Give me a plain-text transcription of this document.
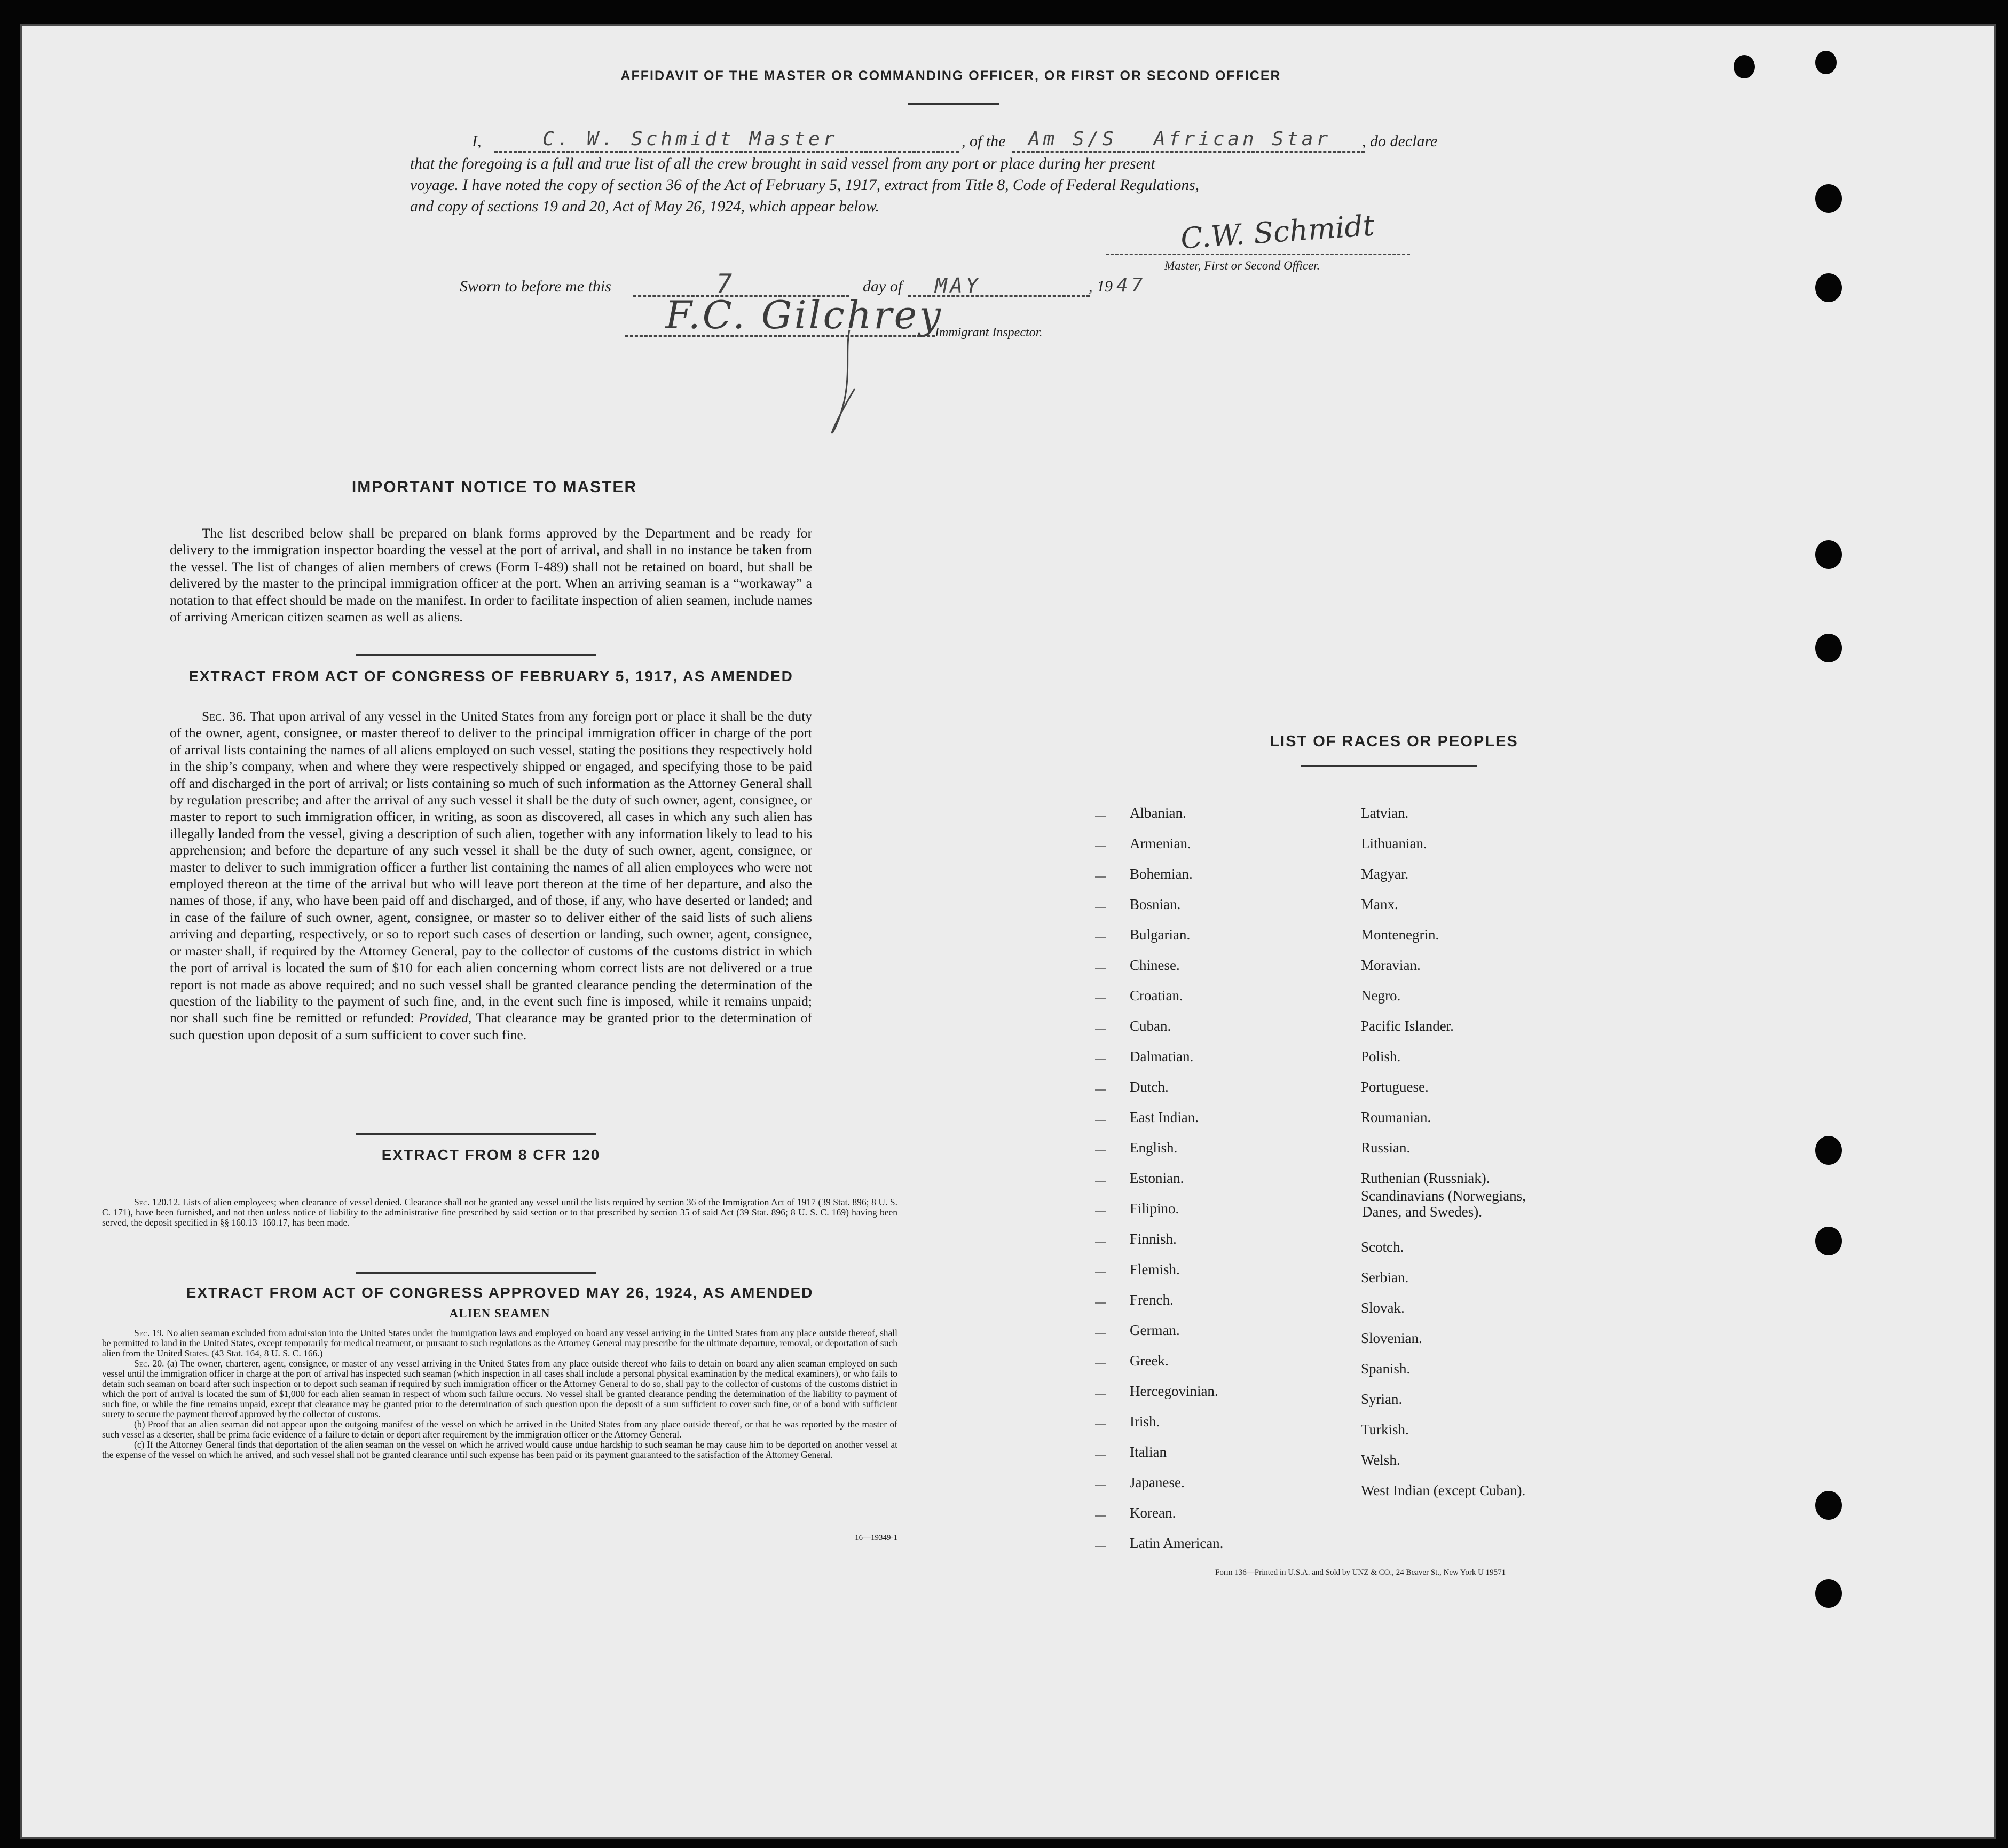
AFFIDAVIT OF THE MASTER OR COMMANDING OFFICER, OR FIRST OR SECOND OFFICER
I,	C. W. Schmidt Master	, of the Am S/S African Star , do declare
that the foregoing is a full and true list of all the crew brought in said vessel from any port or place during her present
voyage. I have noted the copy of section 36 of the Act of February 5, 1917, extract from Title 8, Code of Federal Regulations,
and copy of sections 19 and 20, Act of May 26, 1924, which appear below.
C.W. Schmidt
Master, First or Second Officer.
Sworn to before me this	7	day of MAY	, 19 47
F.C. Gilchrey
Immigrant Inspector.
IMPORTANT NOTICE TO MASTER
The list described below shall be prepared on blank forms approved by the Department and be ready for delivery to the immigration inspector boarding the vessel at the port of arrival, and shall in no instance be taken from the vessel. The list of changes of alien members of crews (Form I-489) shall not be retained on board, but shall be delivered by the master to the principal immigration officer at the port. When an arriving seaman is a “workaway” a notation to that effect should be made on the manifest. In order to facilitate inspection of alien seamen, include names of arriving American citizen seamen as well as aliens.
EXTRACT FROM ACT OF CONGRESS OF FEBRUARY 5, 1917, AS AMENDED
Sec. 36. That upon arrival of any vessel in the United States from any foreign port or place it shall be the duty of the owner, agent, consignee, or master thereof to deliver to the principal immigration officer in charge of the port of arrival lists containing the names of all aliens employed on such vessel, stating the positions they respectively hold in the ship’s company, when and where they were respectively shipped or engaged, and specifying those to be paid off and discharged in the port of arrival; or lists containing so much of such information as the Attorney General shall by regulation prescribe; and after the arrival of any such vessel it shall be the duty of such owner, agent, consignee, or master to report to such immigration officer, in writing, as soon as discovered, all cases in which any such alien has illegally landed from the vessel, giving a description of such alien, together with any information likely to lead to his apprehension; and before the departure of any such vessel it shall be the duty of such owner, agent, consignee, or master to deliver to such immigration officer a further list containing the names of all alien employees who were not employed thereon at the time of the arrival but who will leave port thereon at the time of her departure, and also the names of those, if any, who have been paid off and discharged, and of those, if any, who have deserted or landed; and in case of the failure of such owner, agent, consignee, or master so to deliver either of the said lists of such aliens arriving and departing, respectively, or so to report such cases of desertion or landing, such owner, agent, consignee, or master shall, if required by the Attorney General, pay to the collector of customs of the customs district in which the port of arrival is located the sum of $10 for each alien concerning whom correct lists are not delivered or a true report is not made as above required; and no such vessel shall be granted clearance pending the determination of the question of the liability to the payment of such fine, and, in the event such fine is imposed, while it remains unpaid; nor shall such fine be remitted or refunded: Provided, That clearance may be granted prior to the determination of such question upon deposit of a sum sufficient to cover such fine.
EXTRACT FROM 8 CFR 120
Sec. 120.12. Lists of alien employees; when clearance of vessel denied. Clearance shall not be granted any vessel until the lists required by section 36 of the Immigration Act of 1917 (39 Stat. 896; 8 U. S. C. 171), have been furnished, and not then unless notice of liability to the administrative fine prescribed by said section or to that prescribed by section 35 of said Act (39 Stat. 896; 8 U. S. C. 169) having been served, the deposit specified in §§ 160.13–160.17, has been made.
EXTRACT FROM ACT OF CONGRESS APPROVED MAY 26, 1924, AS AMENDED
ALIEN SEAMEN
Sec. 19. No alien seaman excluded from admission into the United States under the immigration laws and employed on board any vessel arriving in the United States from any place outside thereof, shall be permitted to land in the United States, except temporarily for medical treatment, or pursuant to such regulations as the Attorney General may prescribe for the ultimate departure, removal, or deportation of such alien from the United States. (43 Stat. 164, 8 U. S. C. 166.)
Sec. 20. (a) The owner, charterer, agent, consignee, or master of any vessel arriving in the United States from any place outside thereof who fails to detain on board any alien seaman employed on such vessel until the immigration officer in charge at the port of arrival has inspected such seaman (which inspection in all cases shall include a personal physical examination by the medical examiners), or who fails to detain such seaman on board after such inspection or to deport such seaman if required by such immigration officer or the Attorney General to do so, shall pay to the collector of customs of the customs district in which the port of arrival is located the sum of $1,000 for each alien seaman in respect of whom such failure occurs. No vessel shall be granted clearance pending the determination of the liability to payment of such fine, or while the fine remains unpaid, except that clearance may be granted prior to the determination of such question upon the deposit of a sum sufficient to cover such fine, or of a bond with sufficient surety to secure the payment thereof approved by the collector of customs.
(b) Proof that an alien seaman did not appear upon the outgoing manifest of the vessel on which he arrived in the United States from any place outside thereof, or that he was reported by the master of such vessel as a deserter, shall be prima facie evidence of a failure to detain or deport after requirement by the immigration officer or the Attorney General.
(c) If the Attorney General finds that deportation of the alien seaman on the vessel on which he arrived would cause undue hardship to such seaman he may cause him to be deported on another vessel at the expense of the vessel on which he arrived, and such vessel shall not be granted clearance until such expense has been paid or its payment guaranteed to the satisfaction of the Attorney General.
16—19349-1
LIST OF RACES OR PEOPLES
Albanian.
Armenian.
Bohemian.
Bosnian.
Bulgarian.
Chinese.
Croatian.
Cuban.
Dalmatian.
Dutch.
East Indian.
English.
Estonian.
Filipino.
Finnish.
Flemish.
French.
German.
Greek.
Hercegovinian.
Irish.
Italian
Japanese.
Korean.
Latin American.
Latvian.
Lithuanian.
Magyar.
Manx.
Montenegrin.
Moravian.
Negro.
Pacific Islander.
Polish.
Portuguese.
Roumanian.
Russian.
Ruthenian (Russniak).
Scandinavians (Norwegians,
Danes, and Swedes).
Scotch.
Serbian.
Slovak.
Slovenian.
Spanish.
Syrian.
Turkish.
Welsh.
West Indian (except Cuban).
Form 136—Printed in U.S.A. and Sold by UNZ & CO., 24 Beaver St., New York U 19571
